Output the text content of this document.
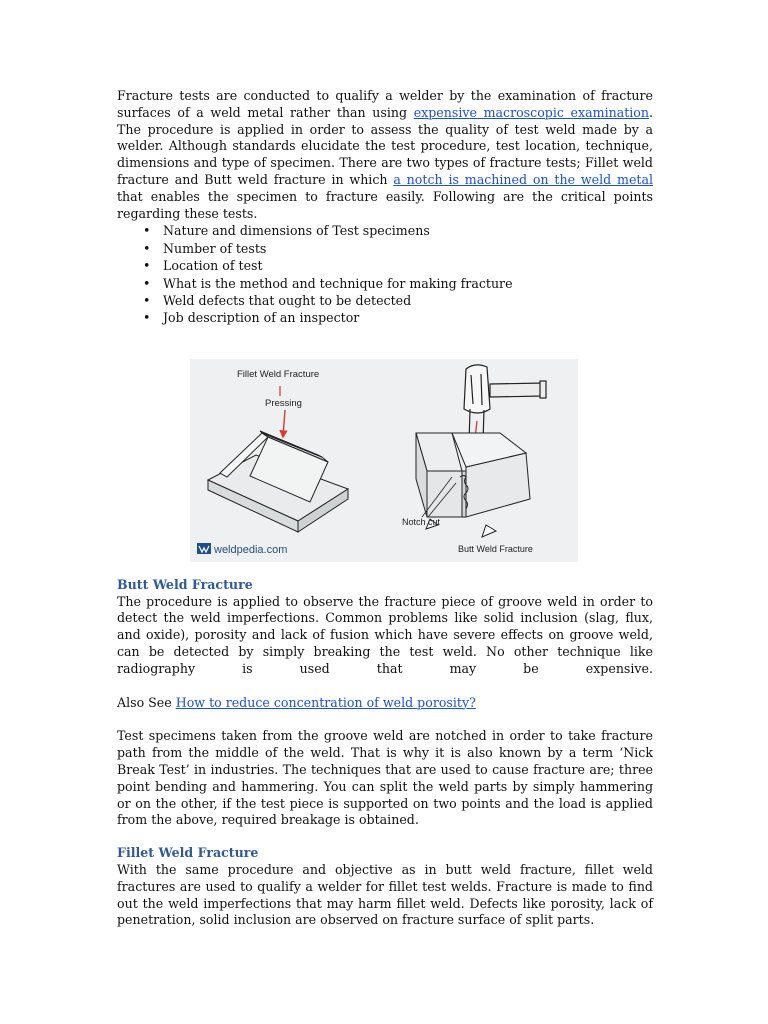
Fracture tests are conducted to qualify a welder by the examination of fracture surfaces of a weld metal rather than using expensive macroscopic examination. The procedure is applied in order to assess the quality of test weld made by a welder. Although standards elucidate the test procedure, test location, technique, dimensions and type of specimen. There are two types of fracture tests; Fillet weld fracture and Butt weld fracture in which a notch is machined on the weld metal that enables the specimen to fracture easily. Following are the critical points regarding these tests.

• Nature and dimensions of Test specimens
• Number of tests
• Location of test
• What is the method and technique for making fracture
• Weld defects that ought to be detected
• Job description of an inspector
Fillet Weld Fracture
Pressing
Notch cut
Butt Weld Fracture
weldpedia.com
Butt Weld Fracture

The procedure is applied to observe the fracture piece of groove weld in order to detect the weld imperfections. Common problems like solid inclusion (slag, flux, and oxide), porosity and lack of fusion which have severe effects on groove weld, can be detected by simply breaking the test weld. No other technique like radiography is used that may be expensive.

Also See How to reduce concentration of weld porosity?

Test specimens taken from the groove weld are notched in order to take fracture path from the middle of the weld. That is why it is also known by a term ‘Nick Break Test’ in industries. The techniques that are used to cause fracture are; three point bending and hammering. You can split the weld parts by simply hammering or on the other, if the test piece is supported on two points and the load is applied from the above, required breakage is obtained.

Fillet Weld Fracture

With the same procedure and objective as in butt weld fracture, fillet weld fractures are used to qualify a welder for fillet test welds. Fracture is made to find out the weld imperfections that may harm fillet weld. Defects like porosity, lack of penetration, solid inclusion are observed on fracture surface of split parts.
